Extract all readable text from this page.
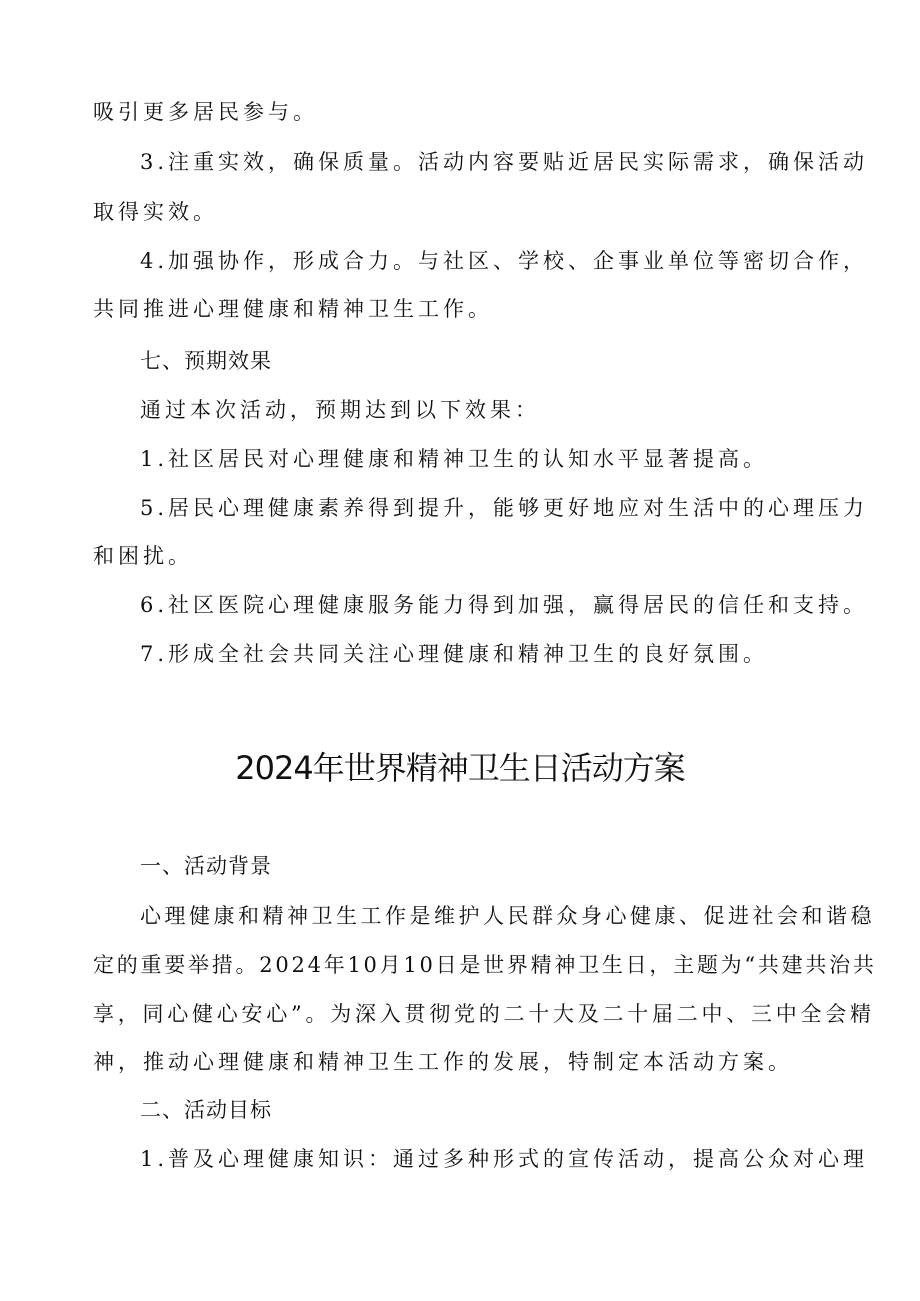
吸引更多居民参与。
3.注重实效，确保质量。活动内容要贴近居民实际需求，确保活动
取得实效。
4.加强协作，形成合力。与社区、学校、企事业单位等密切合作，
共同推进心理健康和精神卫生工作。
七、预期效果
通过本次活动，预期达到以下效果：
1.社区居民对心理健康和精神卫生的认知水平显著提高。
5.居民心理健康素养得到提升，能够更好地应对生活中的心理压力
和困扰。
6.社区医院心理健康服务能力得到加强，赢得居民的信任和支持。
7.形成全社会共同关注心理健康和精神卫生的良好氛围。
2024年世界精神卫生日活动方案
一、活动背景
心理健康和精神卫生工作是维护人民群众身心健康、促进社会和谐稳
定的重要举措。2024年10月10日是世界精神卫生日，主题为“共建共治共
享，同心健心安心”。为深入贯彻党的二十大及二十届二中、三中全会精
神，推动心理健康和精神卫生工作的发展，特制定本活动方案。
二、活动目标
1.普及心理健康知识：通过多种形式的宣传活动，提高公众对心理
